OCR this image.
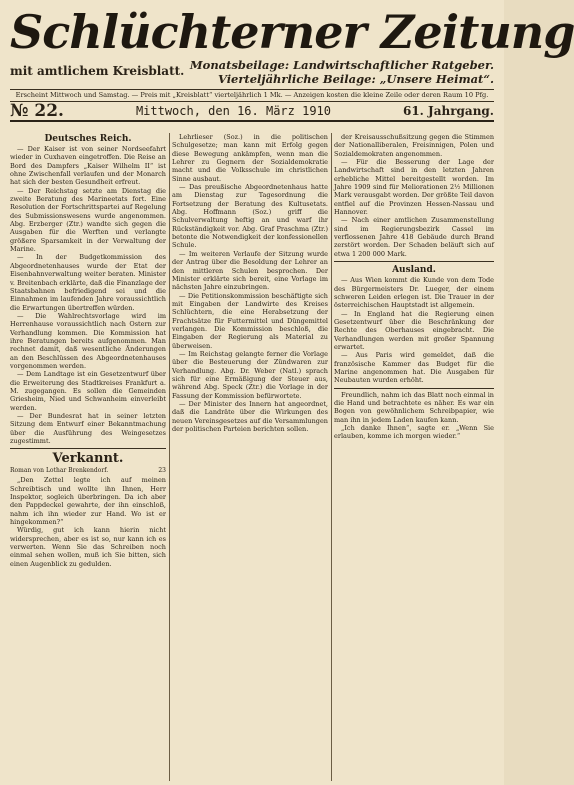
Schlüchterner Zeitung
mit amtlichem Kreisblatt. Monatsbeilage: Landwirtschaftlicher Ratgeber.
Vierteljährliche Beilage: „Unsere Heimat“.
Erscheint Mittwoch und Samstag. — Preis mit „Kreisblatt“ vierteljährlich 1 Mk. — Anzeigen kosten die kleine Zeile oder deren Raum 10 Pfg.
№ 22.	Mittwoch, den 16. März 1910	61. Jahrgang.
Deutsches Reich.

— Der Kaiser ist von seiner Nordseefahrt wieder in Cuxhaven eingetroffen. Die Reise an Bord des Dampfers „Kaiser Wilhelm II“ ist ohne Zwischenfall verlaufen und der Monarch hat sich der besten Gesundheit erfreut.

— Der Reichstag setzte am Dienstag die zweite Beratung des Marineetats fort. Eine Resolution der Fortschrittspartei auf Regelung des Submissionswesens wurde angenommen. Abg. Erzberger (Ztr.) wandte sich gegen die Ausgaben für die Werften und verlangte größere Sparsamkeit in der Verwaltung der Marine.

— In der Budgetkommission des Abgeordnetenhauses wurde der Etat der Eisenbahnverwaltung weiter beraten. Minister v. Breitenbach erklärte, daß die Finanzlage der Staatsbahnen befriedigend sei und die Einnahmen im laufenden Jahre voraussichtlich die Erwartungen übertreffen würden.

— Die Wahlrechtsvorlage wird im Herrenhause voraussichtlich nach Ostern zur Verhandlung kommen. Die Kommission hat ihre Beratungen bereits aufgenommen. Man rechnet damit, daß wesentliche Änderungen an den Beschlüssen des Abgeordnetenhauses vorgenommen werden.

— Dem Landtage ist ein Gesetzentwurf über die Erweiterung des Stadtkreises Frankfurt a. M. zugegangen. Es sollen die Gemeinden Griesheim, Nied und Schwanheim einverleibt werden.

— Der Bundesrat hat in seiner letzten Sitzung dem Entwurf einer Bekanntmachung über die Ausführung des Weingesetzes zugestimmt.

Verkannt.
Roman von Lothar Brenkendorf.	23

„Den Zettel legte ich auf meinen Schreibtisch und wollte ihn Ihnen, Herr Inspektor, sogleich überbringen. Da ich aber den Pappdeckel gewahrte, der ihn einschloß, nahm ich ihn wieder zur Hand. Wo ist er hingekommen?“

Würdig, gut ich kann hierin nicht widersprechen, aber es ist so, nur kann ich es verwerten. Wenn Sie das Schreiben noch einmal sehen wollen, muß ich Sie bitten, sich einen Augenblick zu gedulden.

Lehrlieser (Soz.) in die politischen Schulgesetze; man kann mit Erfolg gegen diese Bewegung ankämpfen, wenn man die Lehrer zu Gegnern der Sozialdemokratie macht und die Volksschule im christlichen Sinne ausbaut.

— Das preußische Abgeordnetenhaus hatte am Dienstag zur Tagesordnung die Fortsetzung der Beratung des Kultusetats. Abg. Hoffmann (Soz.) griff die Schulverwaltung heftig an und warf ihr Rückständigkeit vor. Abg. Graf Praschma (Ztr.) betonte die Notwendigkeit der konfessionellen Schule.

— Im weiteren Verlaufe der Sitzung wurde der Antrag über die Besoldung der Lehrer an den mittleren Schulen besprochen. Der Minister erklärte sich bereit, eine Vorlage im nächsten Jahre einzubringen.

— Die Petitionskommission beschäftigte sich mit Eingaben der Landwirte des Kreises Schlüchtern, die eine Herabsetzung der Frachtsätze für Futtermittel und Düngemittel verlangen. Die Kommission beschloß, die Eingaben der Regierung als Material zu überweisen.

— Im Reichstag gelangte ferner die Vorlage über die Besteuerung der Zündwaren zur Verhandlung. Abg. Dr. Weber (Natl.) sprach sich für eine Ermäßigung der Steuer aus, während Abg. Speck (Ztr.) die Vorlage in der Fassung der Kommission befürwortete.

— Der Minister des Innern hat angeordnet, daß die Landräte über die Wirkungen des neuen Vereinsgesetzes auf die Versammlungen der politischen Parteien berichten sollen.

der Kreisausschußsitzung gegen die Stimmen der Nationalliberalen, Freisinnigen, Polen und Sozialdemokraten angenommen.

— Für die Besserung der Lage der Landwirtschaft sind in den letzten Jahren erhebliche Mittel bereitgestellt worden. Im Jahre 1909 sind für Meliorationen 2½ Millionen Mark verausgabt worden. Der größte Teil davon entfiel auf die Provinzen Hessen-Nassau und Hannover.

— Nach einer amtlichen Zusammenstellung sind im Regierungsbezirk Cassel im verflossenen Jahre 418 Gebäude durch Brand zerstört worden. Der Schaden beläuft sich auf etwa 1 200 000 Mark.

Ausland.

— Aus Wien kommt die Kunde von dem Tode des Bürgermeisters Dr. Lueger, der einem schweren Leiden erlegen ist. Die Trauer in der österreichischen Hauptstadt ist allgemein.

— In England hat die Regierung einen Gesetzentwurf über die Beschränkung der Rechte des Oberhauses eingebracht. Die Verhandlungen werden mit großer Spannung erwartet.

— Aus Paris wird gemeldet, daß die französische Kammer das Budget für die Marine angenommen hat. Die Ausgaben für Neubauten wurden erhöht.

Freundlich, nahm ich das Blatt noch einmal in die Hand und betrachtete es näher. Es war ein Bogen von gewöhnlichem Schreibpapier, wie man ihn in jedem Laden kaufen kann.

„Ich danke Ihnen“, sagte er. „Wenn Sie erlauben, komme ich morgen wieder.“
